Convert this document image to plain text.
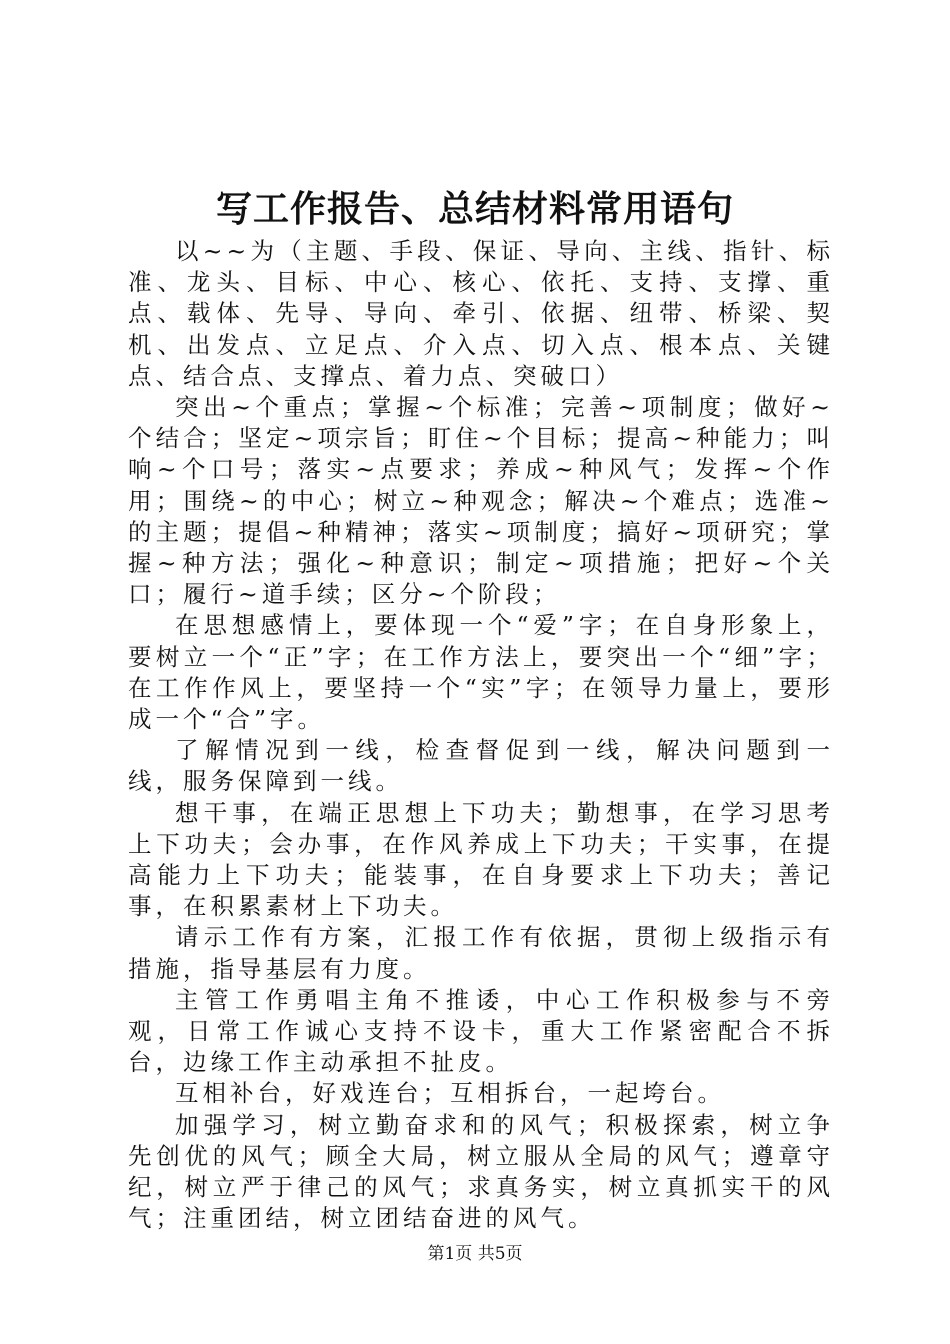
写工作报告、总结材料常用语句

以~~为（主题、手段、保证、导向、主线、指针、标准、龙头、目标、中心、核心、依托、支持、支撑、重点、载体、先导、导向、牵引、依据、纽带、桥梁、契机、出发点、立足点、介入点、切入点、根本点、关键点、结合点、支撑点、着力点、突破口）

突出~个重点；掌握~个标准；完善~项制度；做好~个结合；坚定~项宗旨；盯住~个目标；提高~种能力；叫响~个口号；落实~点要求；养成~种风气；发挥~个作用；围绕~的中心；树立~种观念；解决~个难点；选准~的主题；提倡~种精神；落实~项制度；搞好~项研究；掌握~种方法；强化~种意识；制定~项措施；把好~个关口；履行~道手续；区分~个阶段；

在思想感情上，要体现一个“爱”字；在自身形象上，要树立一个“正”字；在工作方法上，要突出一个“细”字；在工作作风上，要坚持一个“实”字；在领导力量上，要形成一个“合”字。

了解情况到一线，检查督促到一线，解决问题到一线，服务保障到一线。

想干事，在端正思想上下功夫；勤想事，在学习思考上下功夫；会办事，在作风养成上下功夫；干实事，在提高能力上下功夫；能装事，在自身要求上下功夫；善记事，在积累素材上下功夫。

请示工作有方案，汇报工作有依据，贯彻上级指示有措施，指导基层有力度。

主管工作勇唱主角不推诿，中心工作积极参与不旁观，日常工作诚心支持不设卡，重大工作紧密配合不拆台，边缘工作主动承担不扯皮。

互相补台，好戏连台；互相拆台，一起垮台。

加强学习，树立勤奋求和的风气；积极探索，树立争先创优的风气；顾全大局，树立服从全局的风气；遵章守纪，树立严于律己的风气；求真务实，树立真抓实干的风气；注重团结，树立团结奋进的风气。

第1页 共5页
